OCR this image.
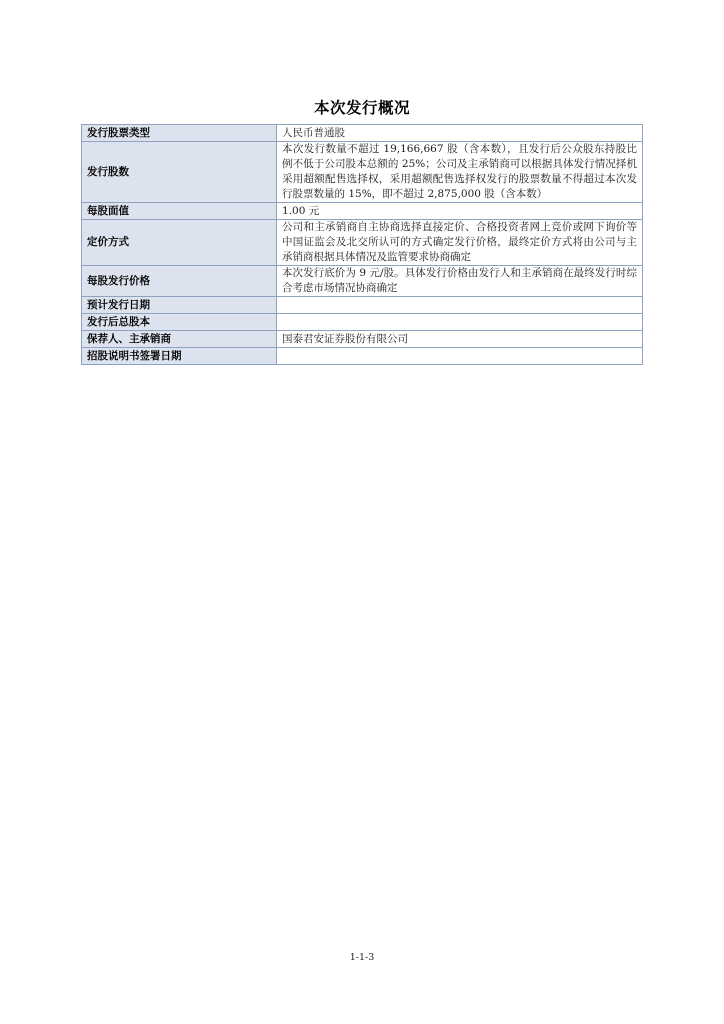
本次发行概况
发行股票类型	人民币普通股
发行股数	本次发行数量不超过 19,166,667 股（含本数），且发行后公众股东持股比例不低于公司股本总额的 25%；公司及主承销商可以根据具体发行情况择机采用超额配售选择权，采用超额配售选择权发行的股票数量不得超过本次发行股票数量的 15%，即不超过 2,875,000 股（含本数）
每股面值	1.00 元
定价方式	公司和主承销商自主协商选择直接定价、合格投资者网上竞价或网下询价等中国证监会及北交所认可的方式确定发行价格，最终定价方式将由公司与主承销商根据具体情况及监管要求协商确定
每股发行价格	本次发行底价为 9 元/股。具体发行价格由发行人和主承销商在最终发行时综合考虑市场情况协商确定
预计发行日期	
发行后总股本	
保荐人、主承销商	国泰君安证券股份有限公司
招股说明书签署日期	
1-1-3
